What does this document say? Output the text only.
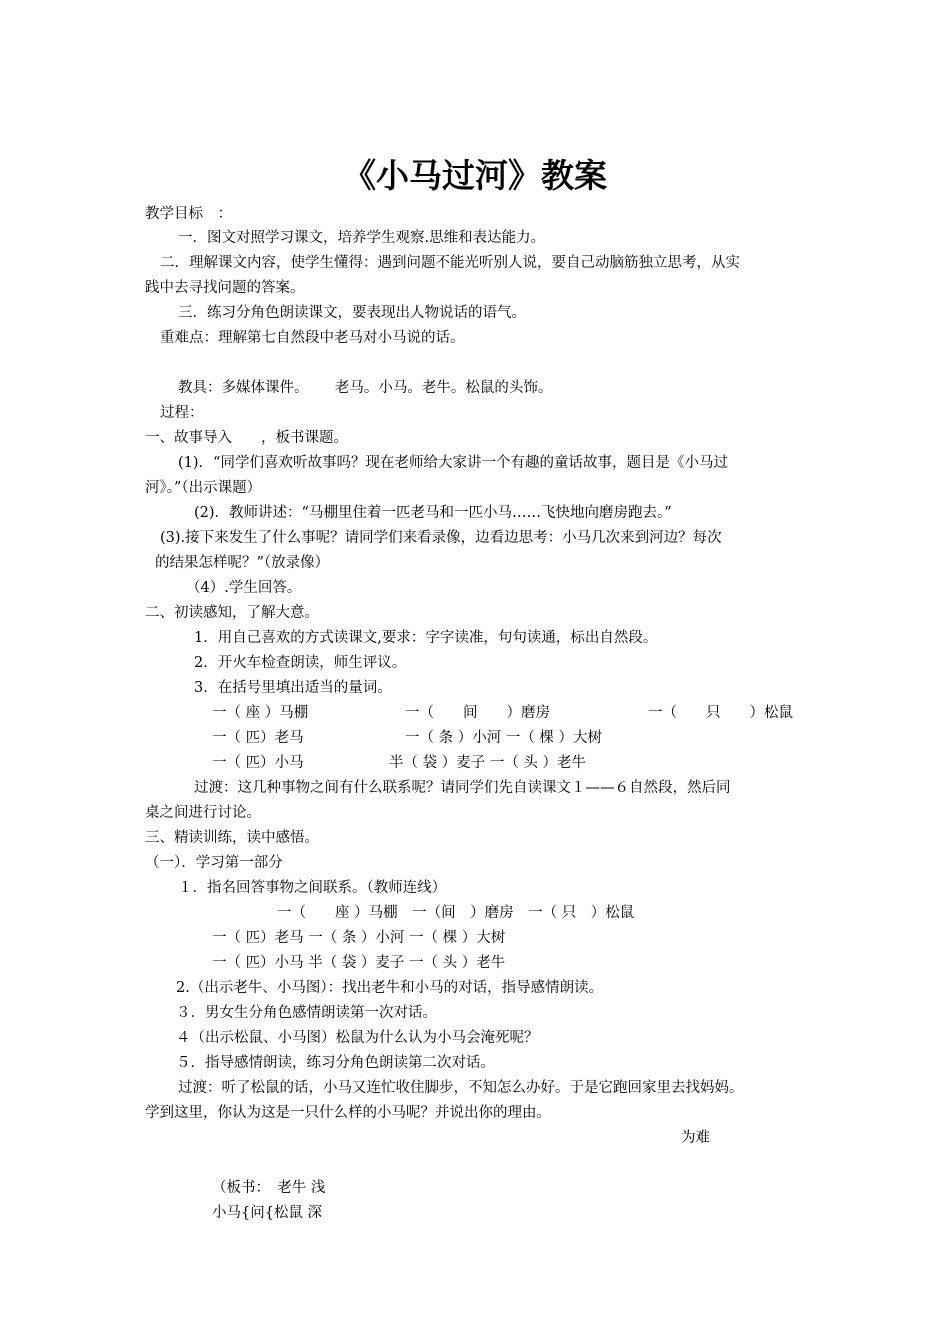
《小马过河》教案
教学目标　：
一．图文对照学习课文，培养学生观察.思维和表达能力。
二．理解课文内容，使学生懂得：遇到问题不能光听别人说，要自己动脑筋独立思考，从实
践中去寻找问题的答案。
三．练习分角色朗读课文，要表现出人物说话的语气。
重难点：理解第七自然段中老马对小马说的话。
教具：多媒体课件。　　 老马。小马。老牛。松鼠的头饰。
过程：
一、故事导入　　，板书课题。
(1)．“同学们喜欢听故事吗？现在老师给大家讲一个有趣的童话故事，题目是《小马过
河》。”（出示课题）
(2)．教师讲述：“马棚里住着一匹老马和一匹小马……飞快地向磨房跑去。”
(3).接下来发生了什么事呢？请同学们来看录像，边看边思考：小马几次来到河边？每次
的结果怎样呢？”（放录像）
（4）.学生回答。
二、初读感知，了解大意。
1．用自己喜欢的方式读课文,要求：字字读准，句句读通，标出自然段。
2．开火车检查朗读，师生评议。
3．在括号里填出适当的量词。
一（ 座 ）马棚	一（　　间　　）磨房	一（　　只　　）松鼠
一（ 匹）老马	一（ 条 ）小河 一（ 棵 ）大树
一（ 匹）小马	半（ 袋 ）麦子 一（ 头 ）老牛
过渡：这几种事物之间有什么联系呢？请同学们先自读课文１——６自然段，然后同
桌之间进行讨论。
三、精读训练，读中感悟。
（一）．学习第一部分
１．指名回答事物之间联系。（教师连线）
一（　　座 ）马棚　一（间　）磨房　一（ 只　）松鼠
一（ 匹）老马 一（ 条 ）小河 一（ 棵 ）大树
一（ 匹）小马 半（ 袋 ）麦子 一（ 头 ）老牛
2.（出示老牛、小马图）：找出老牛和小马的对话，指导感情朗读。
３．男女生分角色感情朗读第一次对话。
４（出示松鼠、小马图）松鼠为什么认为小马会淹死呢？
５．指导感情朗读，练习分角色朗读第二次对话。
过渡：听了松鼠的话，小马又连忙收住脚步，不知怎么办好。于是它跑回家里去找妈妈。
学到这里，你认为这是一只什么样的小马呢？并说出你的理由。
为难
（板书：　老牛 浅
小马{问{松鼠 深
